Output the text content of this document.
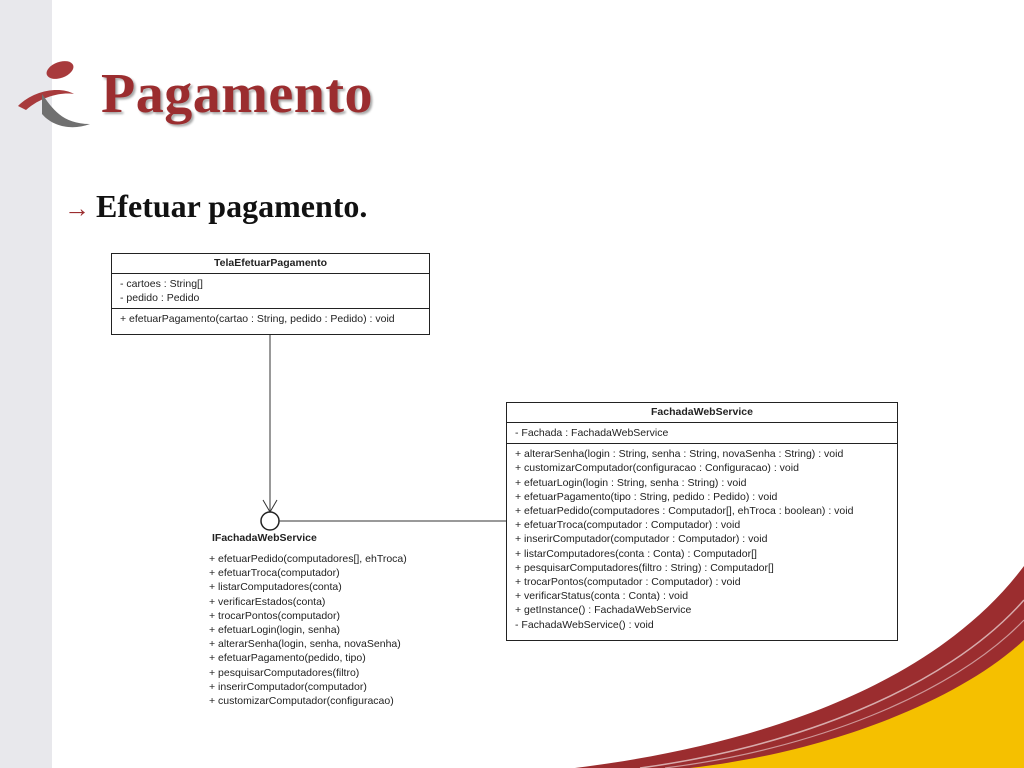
Pagamento
→ Efetuar pagamento.
TelaEfetuarPagamento
- cartoes : String[]
- pedido : Pedido
+ efetuarPagamento(cartao : String, pedido : Pedido) : void
IFachadaWebService
+ efetuarPedido(computadores[], ehTroca)
+ efetuarTroca(computador)
+ listarComputadores(conta)
+ verificarEstados(conta)
+ trocarPontos(computador)
+ efetuarLogin(login, senha)
+ alterarSenha(login, senha, novaSenha)
+ efetuarPagamento(pedido, tipo)
+ pesquisarComputadores(filtro)
+ inserirComputador(computador)
+ customizarComputador(configuracao)
FachadaWebService
- Fachada : FachadaWebService
+ alterarSenha(login : String, senha : String, novaSenha : String) : void
+ customizarComputador(configuracao : Configuracao) : void
+ efetuarLogin(login : String, senha : String) : void
+ efetuarPagamento(tipo : String, pedido : Pedido) : void
+ efetuarPedido(computadores : Computador[], ehTroca : boolean) : void
+ efetuarTroca(computador : Computador) : void
+ inserirComputador(computador : Computador) : void
+ listarComputadores(conta : Conta) : Computador[]
+ pesquisarComputadores(filtro : String) : Computador[]
+ trocarPontos(computador : Computador) : void
+ verificarStatus(conta : Conta) : void
+ getInstance() : FachadaWebService
- FachadaWebService() : void
